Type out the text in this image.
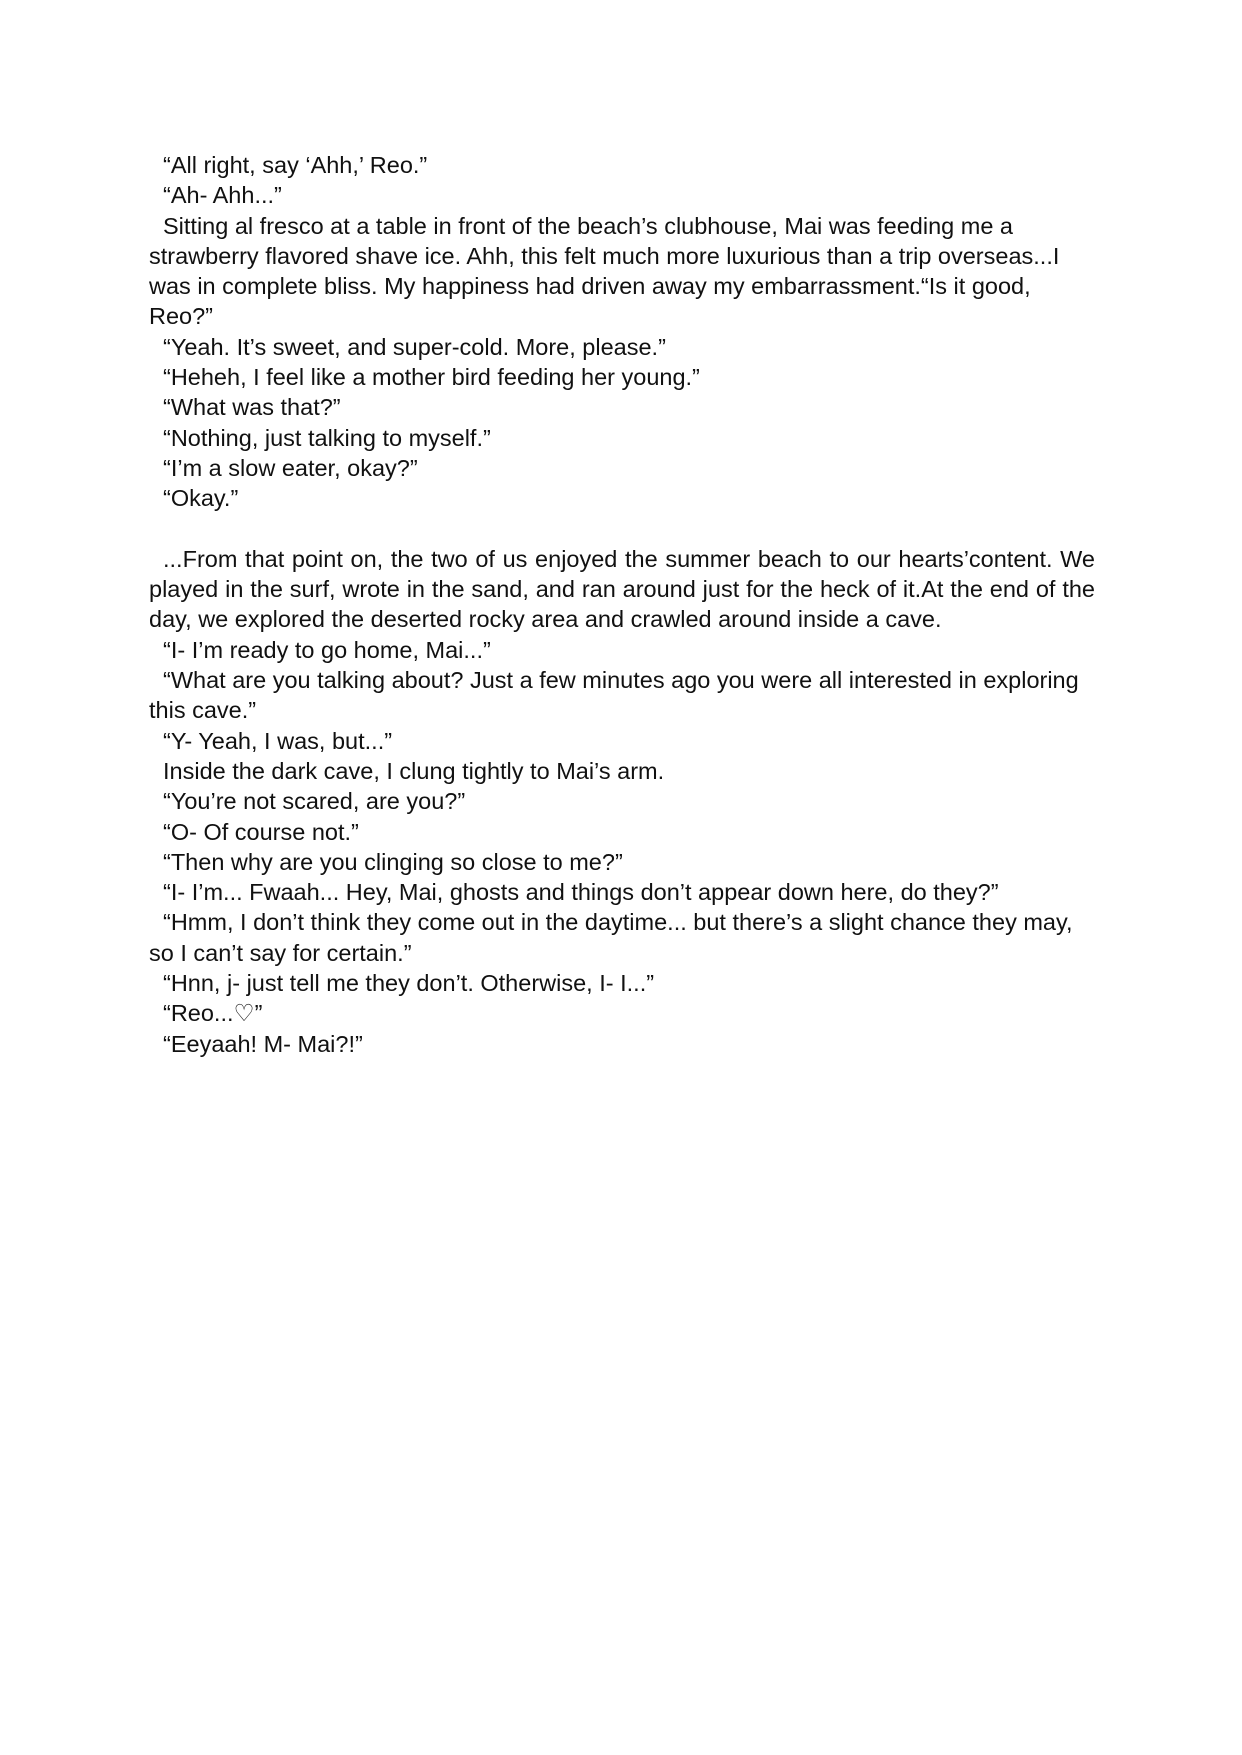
“All right, say ‘Ahh,’ Reo.”

“Ah- Ahh...”

Sitting al fresco at a table in front of the beach’s clubhouse, Mai was feeding me a strawberry flavored shave ice. Ahh, this felt much more luxurious than a trip overseas...I was in complete bliss. My happiness had driven away my embarrassment.“Is it good, Reo?”

“Yeah. It’s sweet, and super-cold. More, please.”

“Heheh, I feel like a mother bird feeding her young.”

“What was that?”

“Nothing, just talking to myself.”

“I’m a slow eater, okay?”

“Okay.”

...From that point on, the two of us enjoyed the summer beach to our hearts’content. We played in the surf, wrote in the sand, and ran around just for the heck of it.At the end of the day, we explored the deserted rocky area and crawled around inside a cave.

“I- I’m ready to go home, Mai...”

“What are you talking about? Just a few minutes ago you were all interested in exploring this cave.”

“Y- Yeah, I was, but...”

Inside the dark cave, I clung tightly to Mai’s arm.

“You’re not scared, are you?”

“O- Of course not.”

“Then why are you clinging so close to me?”

“I- I’m... Fwaah... Hey, Mai, ghosts and things don’t appear down here, do they?”

“Hmm, I don’t think they come out in the daytime... but there’s a slight chance they may, so I can’t say for certain.”

“Hnn, j- just tell me they don’t. Otherwise, I- I...”

“Reo...♡”

“Eeyaah! M- Mai?!”
